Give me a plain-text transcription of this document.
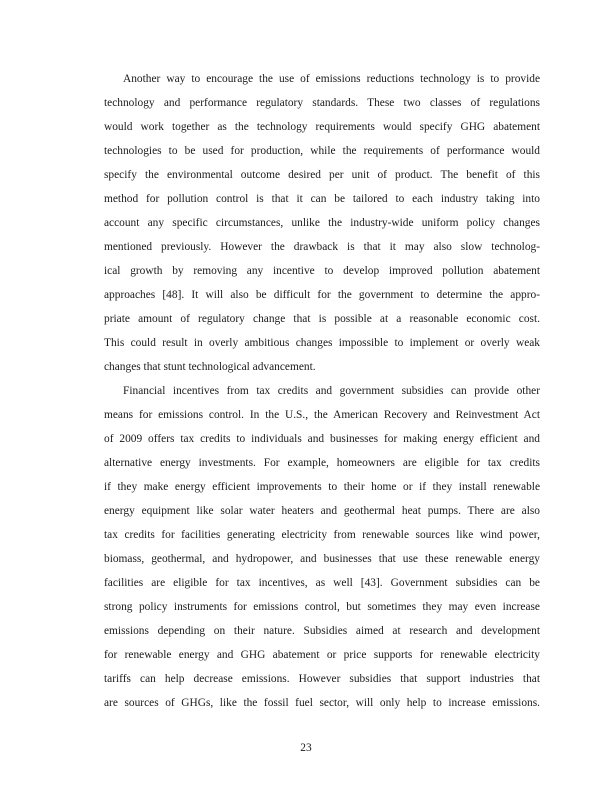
Another way to encourage the use of emissions reductions technology is to provide
technology and performance regulatory standards. These two classes of regulations
would work together as the technology requirements would specify GHG abatement
technologies to be used for production, while the requirements of performance would
specify the environmental outcome desired per unit of product. The benefit of this
method for pollution control is that it can be tailored to each industry taking into
account any specific circumstances, unlike the industry-wide uniform policy changes
mentioned previously. However the drawback is that it may also slow technolog-
ical growth by removing any incentive to develop improved pollution abatement
approaches [48]. It will also be difficult for the government to determine the appro-
priate amount of regulatory change that is possible at a reasonable economic cost.
This could result in overly ambitious changes impossible to implement or overly weak
changes that stunt technological advancement.
Financial incentives from tax credits and government subsidies can provide other
means for emissions control. In the U.S., the American Recovery and Reinvestment Act
of 2009 offers tax credits to individuals and businesses for making energy efficient and
alternative energy investments. For example, homeowners are eligible for tax credits
if they make energy efficient improvements to their home or if they install renewable
energy equipment like solar water heaters and geothermal heat pumps. There are also
tax credits for facilities generating electricity from renewable sources like wind power,
biomass, geothermal, and hydropower, and businesses that use these renewable energy
facilities are eligible for tax incentives, as well [43]. Government subsidies can be
strong policy instruments for emissions control, but sometimes they may even increase
emissions depending on their nature. Subsidies aimed at research and development
for renewable energy and GHG abatement or price supports for renewable electricity
tariffs can help decrease emissions. However subsidies that support industries that
are sources of GHGs, like the fossil fuel sector, will only help to increase emissions.
23
